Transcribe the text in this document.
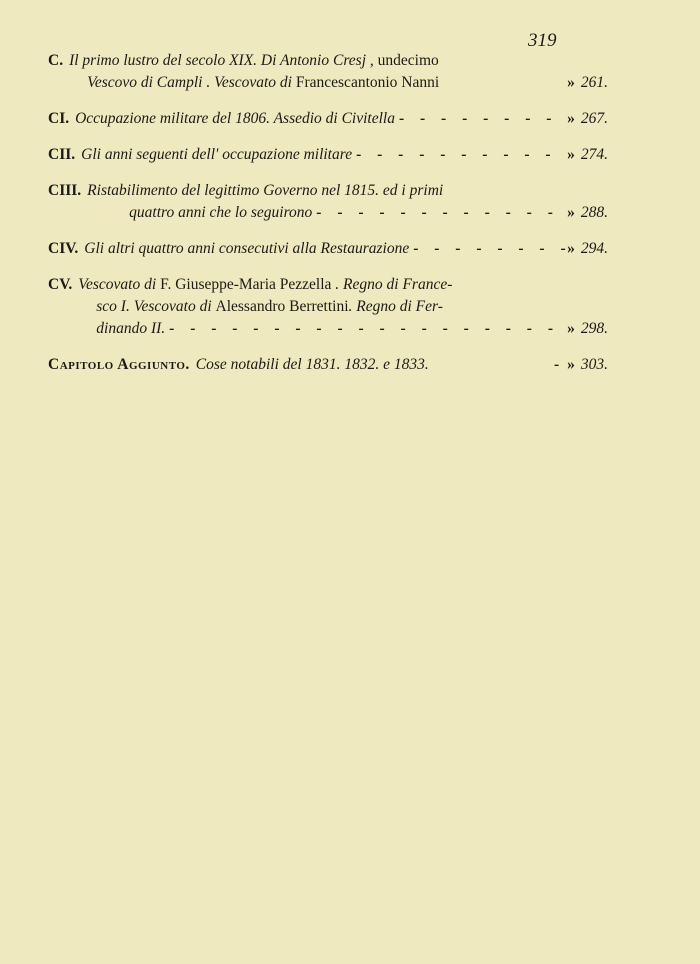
319
C. Il primo lustro del secolo XIX. Di Antonio Cresj , undecimo
Vescovo di Campli . Vescovato di Francescantonio Nanni	» 261.
CI. Occupazione militare del 1806. Assedio di Civitella - - -	» 267.
CII. Gli anni seguenti dell' occupazione militare - - -	» 274.
CIII. Ristabilimento del legittimo Governo nel 1815. ed i primi
quattro anni che lo seguirono - - -	» 288.
CIV. Gli altri quattro anni consecutivi alla Restaurazione - - -	» 294.
CV. Vescovato di F. Giuseppe-Maria Pezzella . Regno di France-
sco I. Vescovato di Alessandro Berrettini. Regno di Fer-
dinando II. - - -	» 298.
Capitolo Aggiunto. Cose notabili del 1831. 1832. e 1833. -	» 303.
